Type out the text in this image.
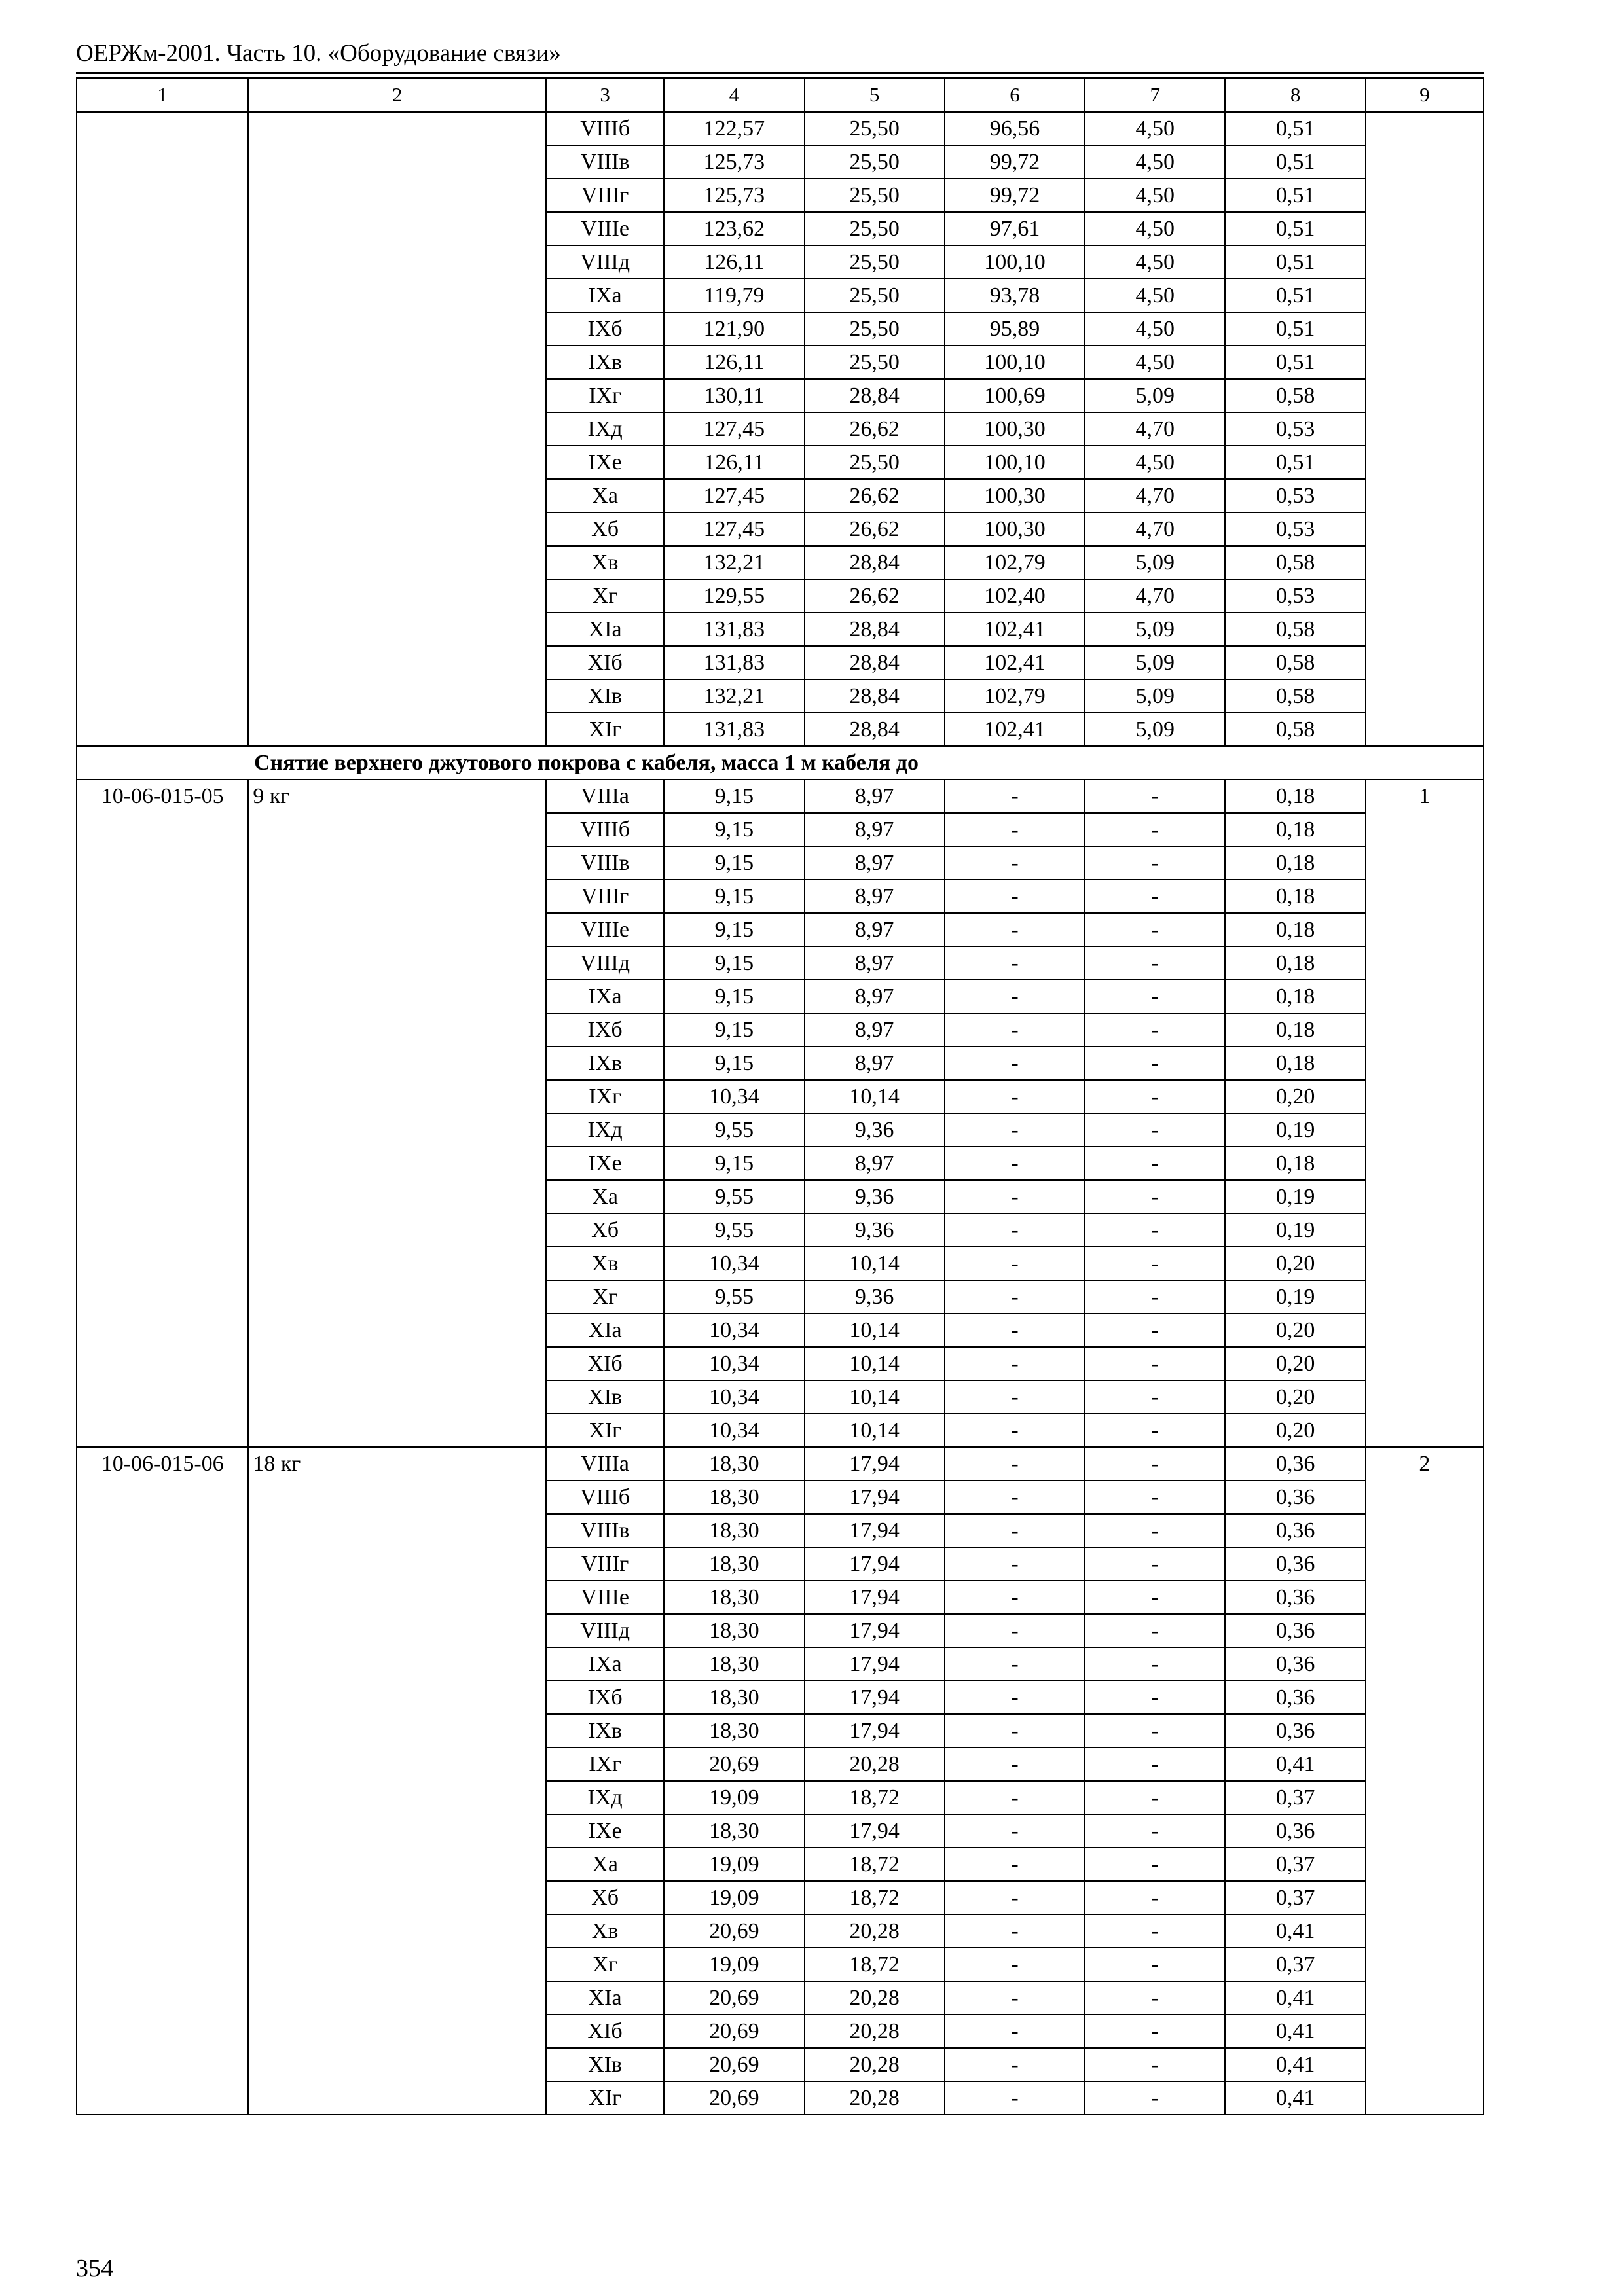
ОЕРЖм-2001. Часть 10. «Оборудование связи»
1	2	3	4	5	6	7	8	9
		VIIIб	122,57	25,50	96,56	4,50	0,51	
		VIIIв	125,73	25,50	99,72	4,50	0,51	
		VIIIг	125,73	25,50	99,72	4,50	0,51	
		VIIIе	123,62	25,50	97,61	4,50	0,51	
		VIIIд	126,11	25,50	100,10	4,50	0,51	
		IXа	119,79	25,50	93,78	4,50	0,51	
		IXб	121,90	25,50	95,89	4,50	0,51	
		IXв	126,11	25,50	100,10	4,50	0,51	
		IXг	130,11	28,84	100,69	5,09	0,58	
		IXд	127,45	26,62	100,30	4,70	0,53	
		IXе	126,11	25,50	100,10	4,50	0,51	
		Xа	127,45	26,62	100,30	4,70	0,53	
		Xб	127,45	26,62	100,30	4,70	0,53	
		Xв	132,21	28,84	102,79	5,09	0,58	
		Xг	129,55	26,62	102,40	4,70	0,53	
		XIа	131,83	28,84	102,41	5,09	0,58	
		XIб	131,83	28,84	102,41	5,09	0,58	
		XIв	132,21	28,84	102,79	5,09	0,58	
		XIг	131,83	28,84	102,41	5,09	0,58	
Снятие верхнего джутового покрова с кабеля, масса 1 м кабеля до								
10-06-015-05	9 кг	VIIIа	9,15	8,97	-	-	0,18	1
		VIIIб	9,15	8,97	-	-	0,18	
		VIIIв	9,15	8,97	-	-	0,18	
		VIIIг	9,15	8,97	-	-	0,18	
		VIIIе	9,15	8,97	-	-	0,18	
		VIIIд	9,15	8,97	-	-	0,18	
		IXа	9,15	8,97	-	-	0,18	
		IXб	9,15	8,97	-	-	0,18	
		IXв	9,15	8,97	-	-	0,18	
		IXг	10,34	10,14	-	-	0,20	
		IXд	9,55	9,36	-	-	0,19	
		IXе	9,15	8,97	-	-	0,18	
		Xа	9,55	9,36	-	-	0,19	
		Xб	9,55	9,36	-	-	0,19	
		Xв	10,34	10,14	-	-	0,20	
		Xг	9,55	9,36	-	-	0,19	
		XIа	10,34	10,14	-	-	0,20	
		XIб	10,34	10,14	-	-	0,20	
		XIв	10,34	10,14	-	-	0,20	
		XIг	10,34	10,14	-	-	0,20	
10-06-015-06	18 кг	VIIIа	18,30	17,94	-	-	0,36	2
		VIIIб	18,30	17,94	-	-	0,36	
		VIIIв	18,30	17,94	-	-	0,36	
		VIIIг	18,30	17,94	-	-	0,36	
		VIIIе	18,30	17,94	-	-	0,36	
		VIIIд	18,30	17,94	-	-	0,36	
		IXа	18,30	17,94	-	-	0,36	
		IXб	18,30	17,94	-	-	0,36	
		IXв	18,30	17,94	-	-	0,36	
		IXг	20,69	20,28	-	-	0,41	
		IXд	19,09	18,72	-	-	0,37	
		IXе	18,30	17,94	-	-	0,36	
		Xа	19,09	18,72	-	-	0,37	
		Xб	19,09	18,72	-	-	0,37	
		Xв	20,69	20,28	-	-	0,41	
		Xг	19,09	18,72	-	-	0,37	
		XIа	20,69	20,28	-	-	0,41	
		XIб	20,69	20,28	-	-	0,41	
		XIв	20,69	20,28	-	-	0,41	
		XIг	20,69	20,28	-	-	0,41	
354
